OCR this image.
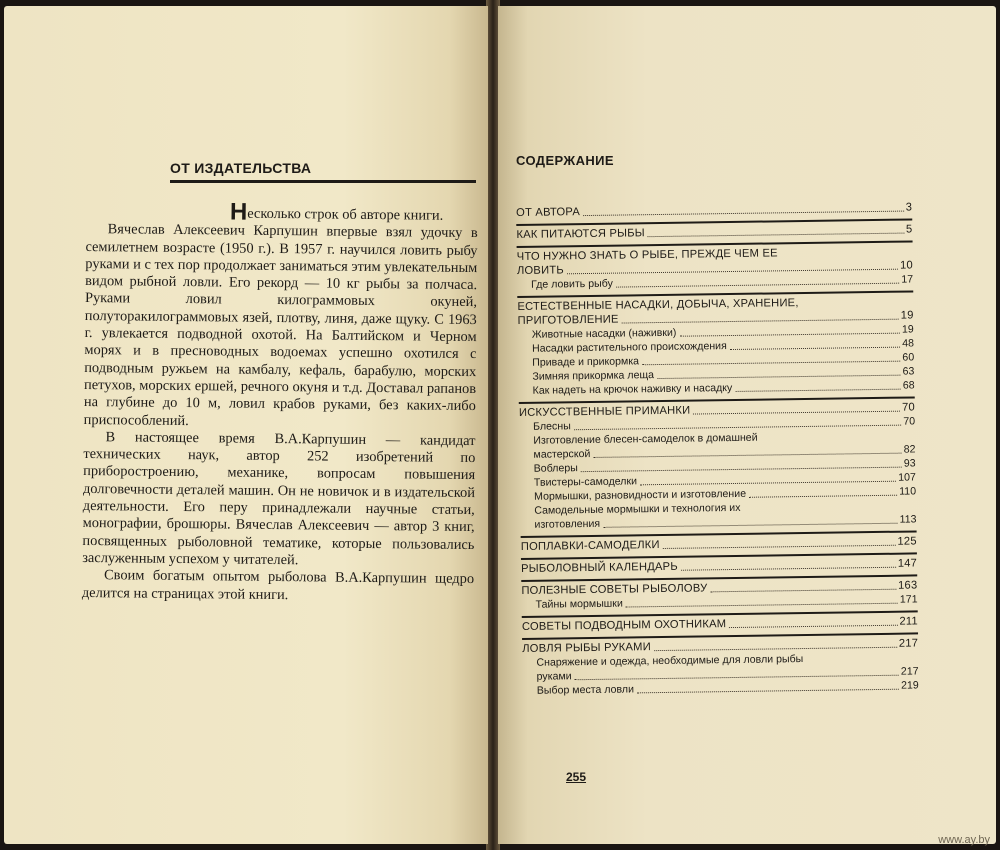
ОТ ИЗДАТЕЛЬСТВА

Несколько строк об авторе книги.

Вячеслав Алексеевич Карпушин впервые взял удочку в семилетнем возрасте (1950 г.). В 1957 г. научился ловить рыбу руками и с тех пор продолжает заниматься этим увлекательным видом рыбной ловли. Его рекорд — 10 кг рыбы за полчаса. Руками ловил килограммовых окуней, полуторакилограммовых язей, плотву, линя, даже щуку. С 1963 г. увлекается подводной охотой. На Балтийском и Черном морях и в пресноводных водоемах успешно охотился с подводным ружьем на камбалу, кефаль, барабулю, морских петухов, морских ершей, речного окуня и т.д. Доставал рапанов на глубине до 10 м, ловил крабов руками, без каких-либо приспособлений.

В настоящее время В.А.Карпушин — кандидат технических наук, автор 252 изобретений по приборостроению, механике, вопросам повышения долговечности деталей машин. Он не новичок и в издательской деятельности. Его перу принадлежали научные статьи, монографии, брошюры. Вячеслав Алексеевич — автор 3 книг, посвященных рыболовной тематике, которые пользовались заслуженным успехом у читателей.

Своим богатым опытом рыболова В.А.Карпушин щедро делится на страницах этой книги.

СОДЕРЖАНИЕ
ОТ АВТОРА	3
КАК ПИТАЮТСЯ РЫБЫ	5
ЧТО НУЖНО ЗНАТЬ О РЫБЕ, ПРЕЖДЕ ЧЕМ ЕЕ
ЛОВИТЬ	10
Где ловить рыбу	17
ЕСТЕСТВЕННЫЕ НАСАДКИ, ДОБЫЧА, ХРАНЕНИЕ,
ПРИГОТОВЛЕНИЕ	19
Животные насадки (наживки)	19
Насадки растительного происхождения	48
Приваде и прикормка	60
Зимняя прикормка леща	63
Как надеть на крючок наживку и насадку	68
ИСКУССТВЕННЫЕ ПРИМАНКИ	70
Блесны	70
Изготовление блесен-самоделок в домашней
мастерской	82
Воблеры	93
Твистеры-самоделки	107
Мормышки, разновидности и изготовление	110
Самодельные мормышки и технология их
изготовления	113
ПОПЛАВКИ-САМОДЕЛКИ	125
РЫБОЛОВНЫЙ КАЛЕНДАРЬ	147
ПОЛЕЗНЫЕ СОВЕТЫ РЫБОЛОВУ	163
Тайны мормышки	171
СОВЕТЫ ПОДВОДНЫМ ОХОТНИКАМ	211
ЛОВЛЯ РЫБЫ РУКАМИ	217
Снаряжение и одежда, необходимые для ловли рыбы
руками	217
Выбор места ловли	219
255
www.ay.by
